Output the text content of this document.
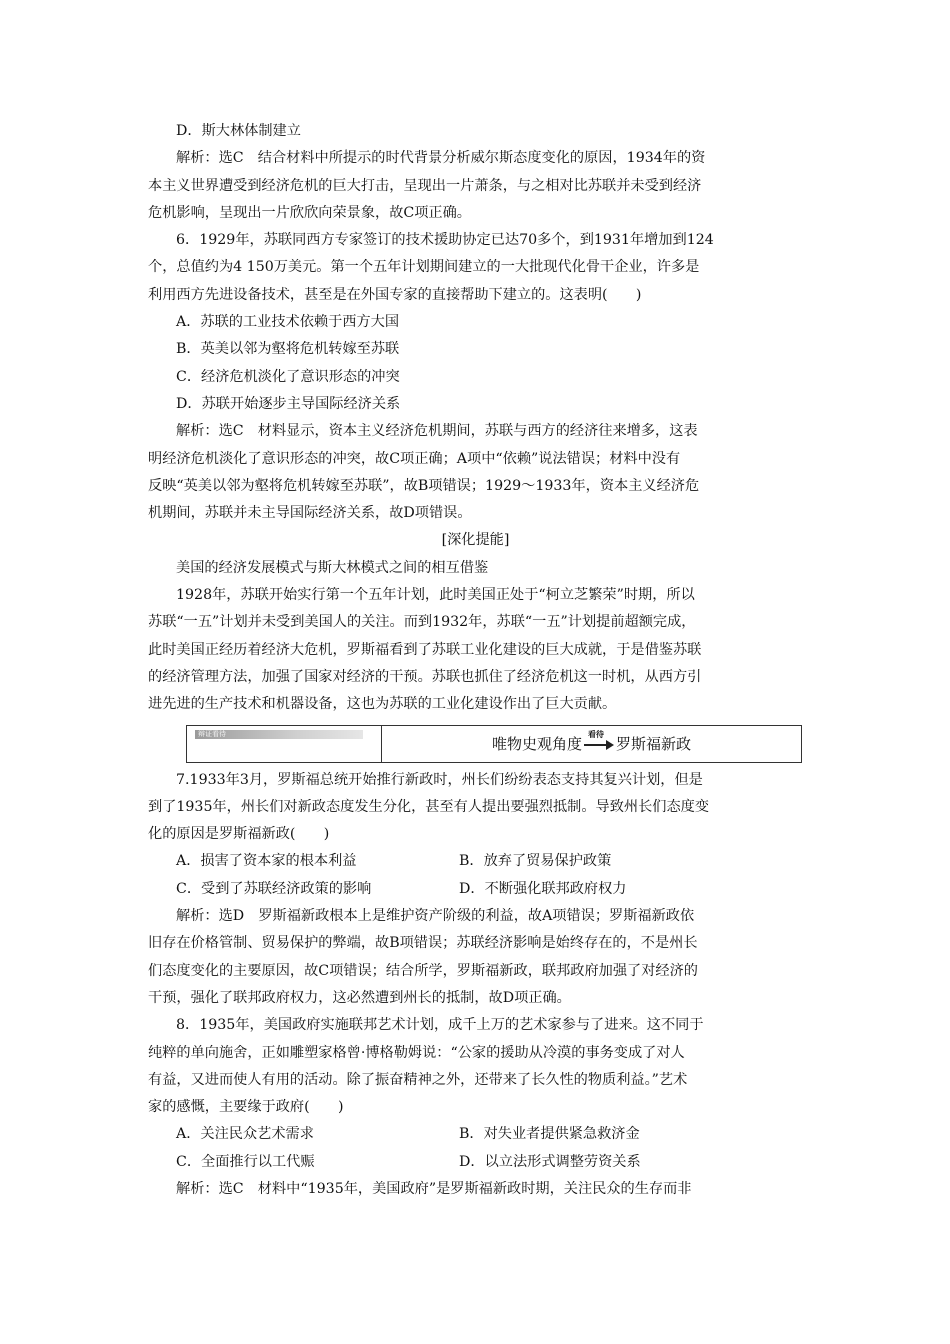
D．斯大林体制建立
解析：选C　结合材料中所提示的时代背景分析威尔斯态度变化的原因，1934年的资
本主义世界遭受到经济危机的巨大打击，呈现出一片萧条，与之相对比苏联并未受到经济
危机影响，呈现出一片欣欣向荣景象，故C项正确。
6．1929年，苏联同西方专家签订的技术援助协定已达70多个，到1931年增加到124
个，总值约为4 150万美元。第一个五年计划期间建立的一大批现代化骨干企业，许多是
利用西方先进设备技术，甚至是在外国专家的直接帮助下建立的。这表明(　　)
A．苏联的工业技术依赖于西方大国
B．英美以邻为壑将危机转嫁至苏联
C．经济危机淡化了意识形态的冲突
D．苏联开始逐步主导国际经济关系
解析：选C　材料显示，资本主义经济危机期间，苏联与西方的经济往来增多，这表
明经济危机淡化了意识形态的冲突，故C项正确；A项中“依赖”说法错误；材料中没有
反映“英美以邻为壑将危机转嫁至苏联”，故B项错误；1929～1933年，资本主义经济危
机期间，苏联并未主导国际经济关系，故D项错误。
[深化提能]
美国的经济发展模式与斯大林模式之间的相互借鉴
1928年，苏联开始实行第一个五年计划，此时美国正处于“柯立芝繁荣”时期，所以
苏联“一五”计划并未受到美国人的关注。而到1932年，苏联“一五”计划提前超额完成，
此时美国正经历着经济大危机，罗斯福看到了苏联工业化建设的巨大成就，于是借鉴苏联
的经济管理方法，加强了国家对经济的干预。苏联也抓住了经济危机这一时机，从西方引
进先进的生产技术和机器设备，这也为苏联的工业化建设作出了巨大贡献。
辩证看待
唯物史观角度
看待
罗斯福新政
7.1933年3月，罗斯福总统开始推行新政时，州长们纷纷表态支持其复兴计划，但是
到了1935年，州长们对新政态度发生分化，甚至有人提出要强烈抵制。导致州长们态度变
化的原因是罗斯福新政(　　)
A．损害了资本家的根本利益	B．放弃了贸易保护政策
C．受到了苏联经济政策的影响	D．不断强化联邦政府权力
解析：选D　罗斯福新政根本上是维护资产阶级的利益，故A项错误；罗斯福新政依
旧存在价格管制、贸易保护的弊端，故B项错误；苏联经济影响是始终存在的，不是州长
们态度变化的主要原因，故C项错误；结合所学，罗斯福新政，联邦政府加强了对经济的
干预，强化了联邦政府权力，这必然遭到州长的抵制，故D项正确。
8．1935年，美国政府实施联邦艺术计划，成千上万的艺术家参与了进来。这不同于
纯粹的单向施舍，正如雕塑家格曾·博格勒姆说：“公家的援助从冷漠的事务变成了对人
有益，又进而使人有用的活动。除了振奋精神之外，还带来了长久性的物质利益。”艺术
家的感慨，主要缘于政府(　　)
A．关注民众艺术需求	B．对失业者提供紧急救济金
C．全面推行以工代赈	D．以立法形式调整劳资关系
解析：选C　材料中“1935年，美国政府”是罗斯福新政时期，关注民众的生存而非
